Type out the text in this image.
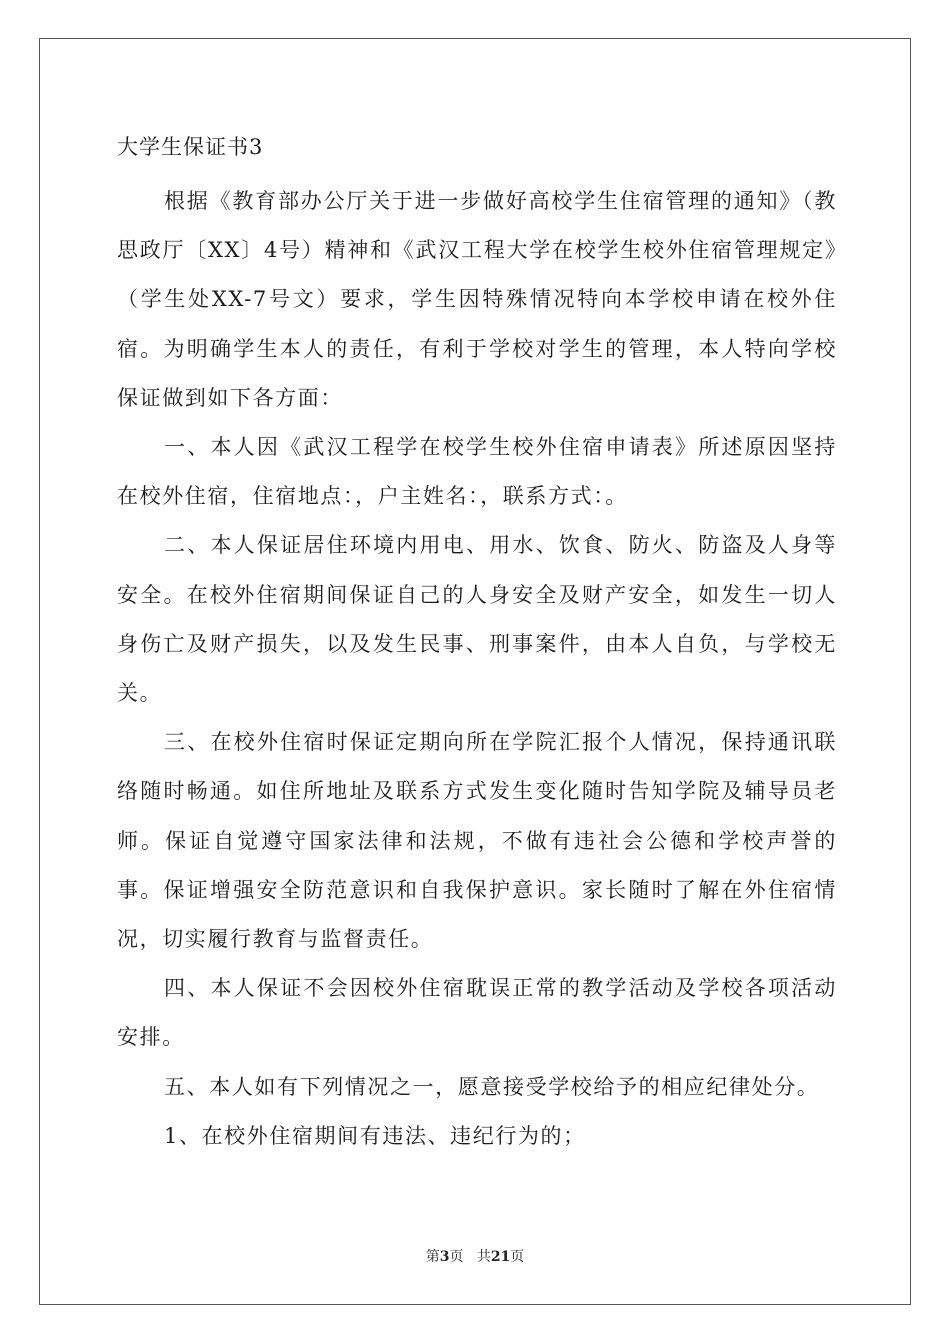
大学生保证书3

根据《教育部办公厅关于进一步做好高校学生住宿管理的通知》（教思政厅〔XX〕4号）精神和《武汉工程大学在校学生校外住宿管理规定》（学生处XX-7号文）要求，学生因特殊情况特向本学校申请在校外住宿。为明确学生本人的责任，有利于学校对学生的管理，本人特向学校保证做到如下各方面：

一、本人因《武汉工程学在校学生校外住宿申请表》所述原因坚持在校外住宿，住宿地点：，户主姓名：，联系方式：。

二、本人保证居住环境内用电、用水、饮食、防火、防盗及人身等安全。在校外住宿期间保证自己的人身安全及财产安全，如发生一切人身伤亡及财产损失，以及发生民事、刑事案件，由本人自负，与学校无关。

三、在校外住宿时保证定期向所在学院汇报个人情况，保持通讯联络随时畅通。如住所地址及联系方式发生变化随时告知学院及辅导员老师。保证自觉遵守国家法律和法规，不做有违社会公德和学校声誉的事。保证增强安全防范意识和自我保护意识。家长随时了解在外住宿情况，切实履行教育与监督责任。

四、本人保证不会因校外住宿耽误正常的教学活动及学校各项活动安排。

五、本人如有下列情况之一，愿意接受学校给予的相应纪律处分。

1、在校外住宿期间有违法、违纪行为的；

第3页 共21页
